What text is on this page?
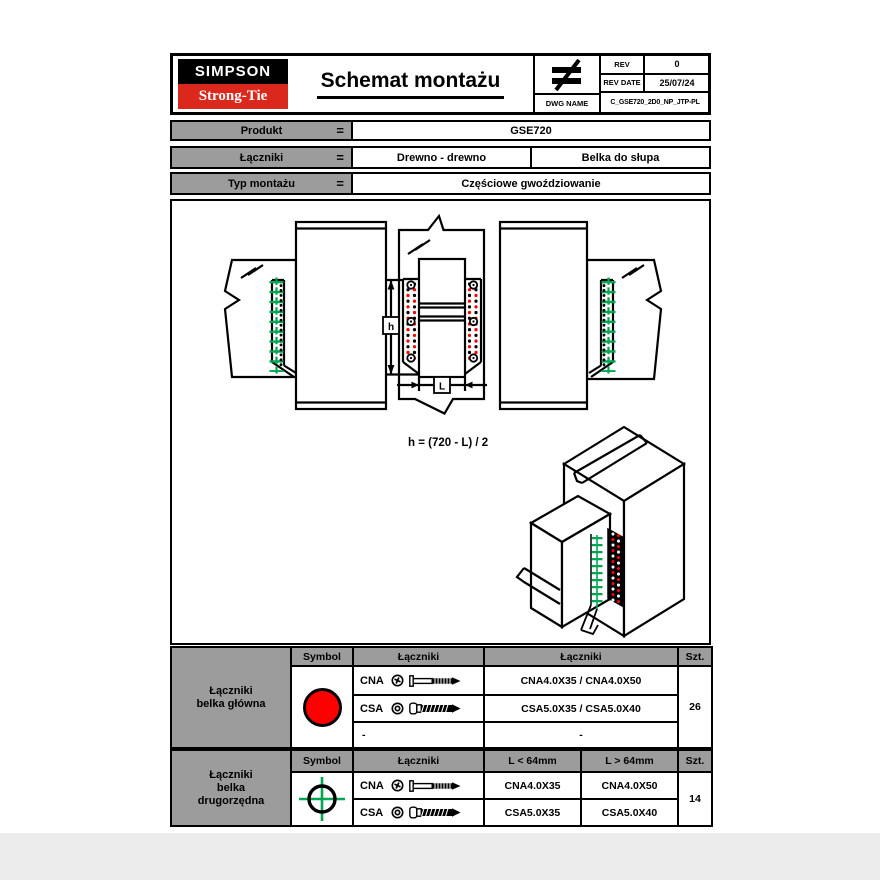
SIMPSON
Strong-Tie
Schemat montażu
DWG NAME
REV	0
REV DATE	25/07/24
C_GSE720_2D0_NP_JTP-PL
Produkt	=	GSE720
Łączniki	=	Drewno - drewno	Belka do słupa
Typ montażu	=	Częściowe gwoździowanie
h
L
h = (720 - L) / 2
Łączniki
belka główna	Symbol	Łączniki	Łączniki	Szt.

		CNA	CNA4.0X35 / CNA4.0X50	26

		CSA	CSA5.0X35 / CSA5.0X40	
		-	-	
Łączniki
belka
drugorzędna	Symbol	Łączniki	L < 64mm	L > 64mm	Szt.

CNA	CNA4.0X35	CNA4.0X50	14

		CSA	CSA5.0X35	CSA5.0X40	
